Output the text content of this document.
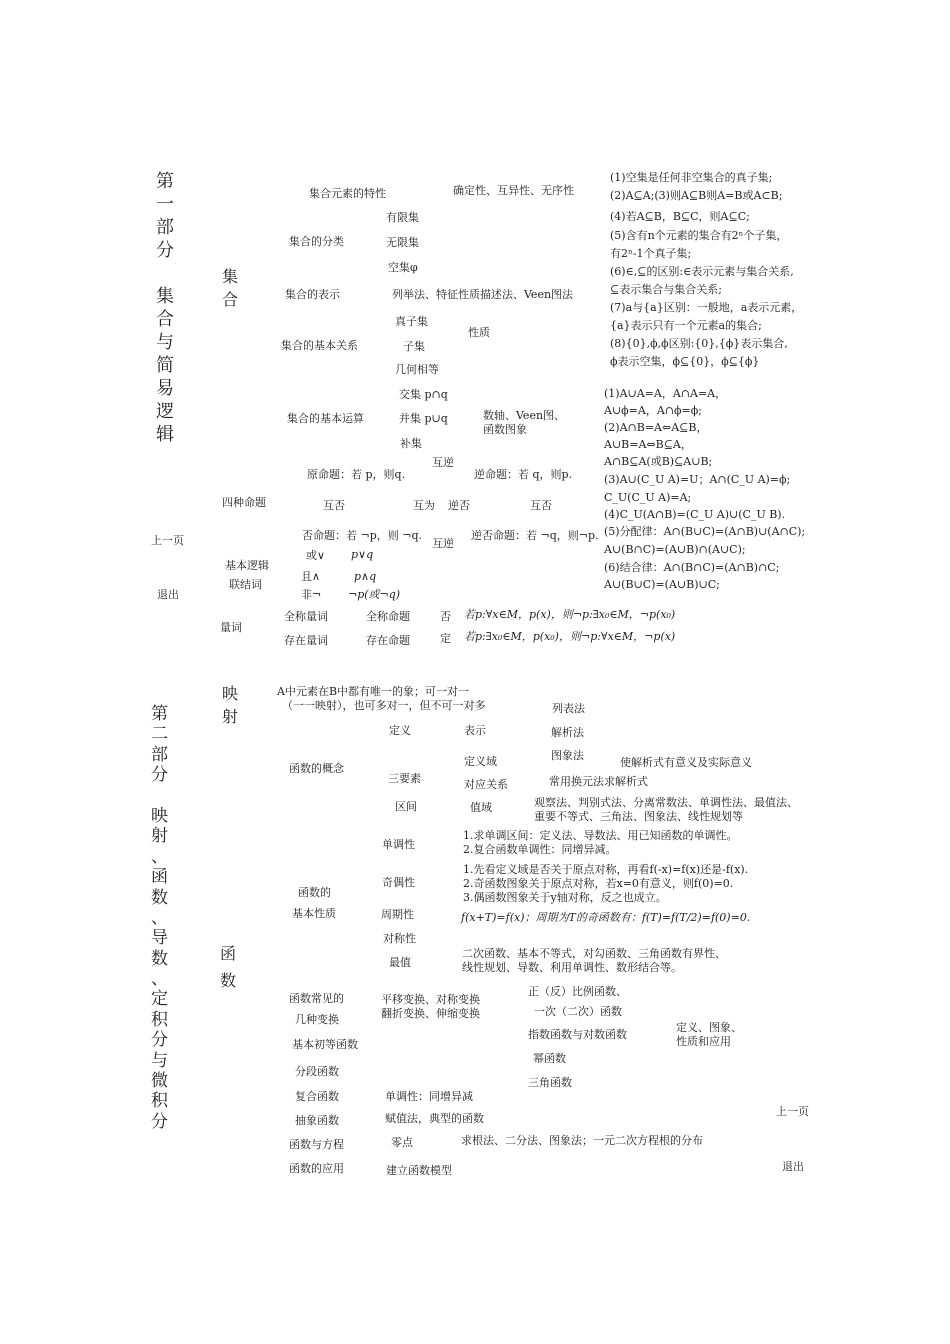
第
一
部
分

集
合
与
简
易
逻
辑
集
合
上一页
退出
集合元素的特性	确定性、互异性、无序性
有限集
集合的分类	无限集
空集φ
集合的表示	列举法、特征性质描述法、Veen图法
真子集
性质
集合的基本关系	子集
几何相等
交集 p∩q
数轴、Veen图、
集合的基本运算	并集 p∪q
函数图象
补集
(1)空集是任何非空集合的真子集;
(2)A⊆A;(3)则A⊆B则A=B或A⊂B;
(4)若A⊆B，B⊆C，则A⊆C;
(5)含有n个元素的集合有2ⁿ个子集，
有2ⁿ-1个真子集;
(6)∈,⊆的区别:∈表示元素与集合关系,
⊆表示集合与集合关系;
(7)a与{a}区别：一般地，a表示元素，
{a}表示只有一个元素a的集合;
(8){0},ϕ,ϕ区别:{0},{ϕ}表示集合,
ϕ表示空集，ϕ⊆{0}，ϕ⊆{ϕ}
(1)A∪A=A，A∩A=A，
A∪ϕ=A，A∩ϕ=ϕ;
(2)A∩B=A⇔A⊆B，
A∪B=A⇔B⊆A，
A∩B⊆A(或B)⊆A∪B;
(3)A∪(C_U A)=U；A∩(C_U A)=ϕ;
C_U(C_U A)=A;
(4)C_U(A∩B)=(C_U A)∪(C_U B).
(5)分配律：A∩(B∪C)=(A∩B)∪(A∩C);
A∪(B∩C)=(A∪B)∩(A∪C);
(6)结合律：A∩(B∩C)=(A∩B)∩C;
A∪(B∪C)=(A∪B)∪C;
互逆
原命题：若 p，则q.	逆命题：若 q，则p.
四种命题	互否	互为 逆否	互否
否命题：若 ¬p，则 ¬q.	逆否命题：若 ¬q，则¬p.
互逆
或∨ p∨q
基本逻辑
且∧	p∧q
联结词
非¬ ¬p(或¬q)
全称量词	全称命题	否 若p:∀x∈M，p(x)，则¬p:∃x₀∈M，¬p(x₀)
量词
存在量词	存在命题	定 若p:∃x₀∈M，p(x₀)，则¬p:∀x∈M，¬p(x)
第
二
部
分

映
射
、
函
数
、
导
数
、
定
积
分
与
微
积
分
映
射
函
数
上一页
退出
A中元素在B中都有唯一的象；可一对一
（一一映射），也可多对一，但不可一对多	列表法
定义	表示	解析法
图象法
定义域	使解析式有意义及实际意义
函数的概念
三要素	对应关系	常用换元法求解析式
区间	值域	观察法、判别式法、分离常数法、单调性法、最值法、
重要不等式、三角法、图象法、线性规划等
1.求单调区间：定义法、导数法、用已知函数的单调性。
单调性	2.复合函数单调性：同增异减。
1.先看定义域是否关于原点对称，再看f(-x)=f(x)还是-f(x).
奇偶性	2.奇函数图象关于原点对称，若x=0有意义，则f(0)=0.
函数的	3.偶函数图象关于y轴对称，反之也成立。
基本性质	周期性	f(x+T)=f(x)；周期为T的奇函数有：f(T)=f(T/2)=f(0)=0.
对称性
二次函数、基本不等式，对勾函数、三角函数有界性、
最值	线性规划、导数、利用单调性、数形结合等。
正（反）比例函数、
函数常见的	平移变换、对称变换
翻折变换、伸缩变换	一次（二次）函数
几种变换
定义、图象、
指数函数与对数函数
性质和应用
基本初等函数
幂函数
分段函数
三角函数
复合函数	单调性：同增异减
抽象函数	赋值法，典型的函数
求根法、二分法、图象法；一元二次方程根的分布
函数与方程	零点
函数的应用	建立函数模型
